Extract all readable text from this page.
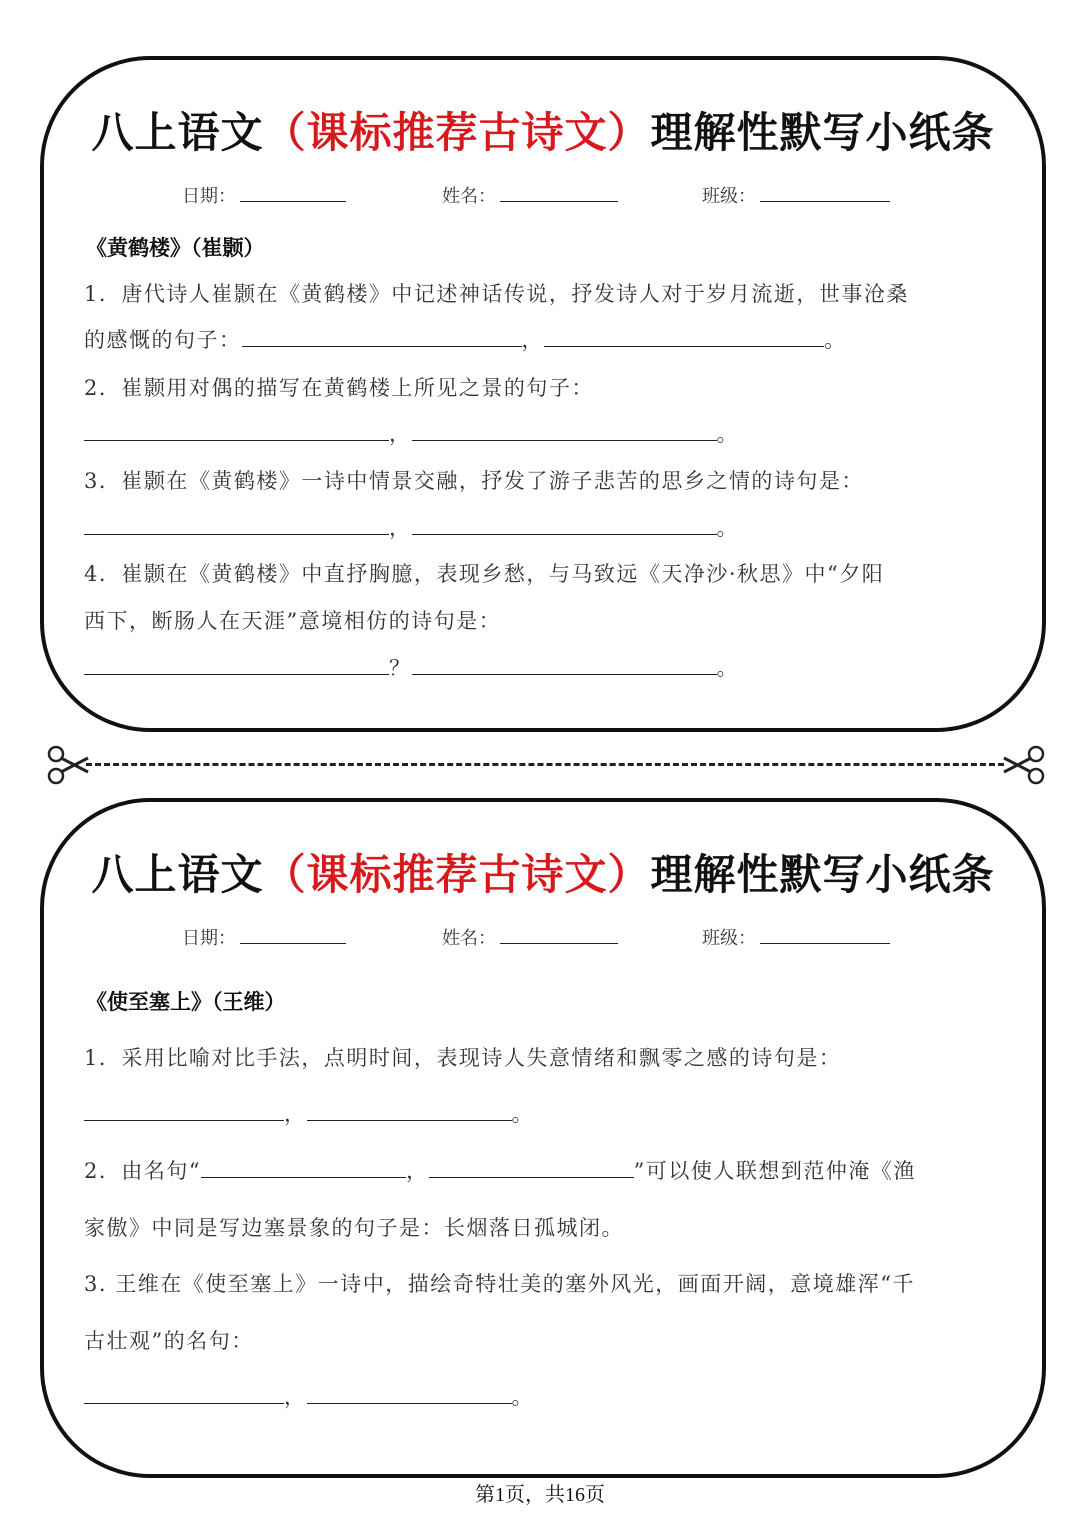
八上语文（课标推荐古诗文）理解性默写小纸条
日期：	姓名：	班级：
《黄鹤楼》（崔颢）
1．唐代诗人崔颢在《黄鹤楼》中记述神话传说，抒发诗人对于岁月流逝，世事沧桑
的感慨的句子：	，	。
2．崔颢用对偶的描写在黄鹤楼上所见之景的句子：
，	。
3．崔颢在《黄鹤楼》一诗中情景交融，抒发了游子悲苦的思乡之情的诗句是：
，	。
4．崔颢在《黄鹤楼》中直抒胸臆，表现乡愁，与马致远《天净沙·秋思》中“夕阳
西下，断肠人在天涯”意境相仿的诗句是：
？	。
八上语文（课标推荐古诗文）理解性默写小纸条
日期：	姓名：	班级：
《使至塞上》（王维）
1．采用比喻对比手法，点明时间，表现诗人失意情绪和飘零之感的诗句是：
，	。
2．由名句“	，	”可以使人联想到范仲淹《渔
家傲》中同是写边塞景象的句子是：长烟落日孤城闭。
3. 王维在《使至塞上》一诗中，描绘奇特壮美的塞外风光，画面开阔，意境雄浑“千
古壮观”的名句：
，	。
第1页，共16页
